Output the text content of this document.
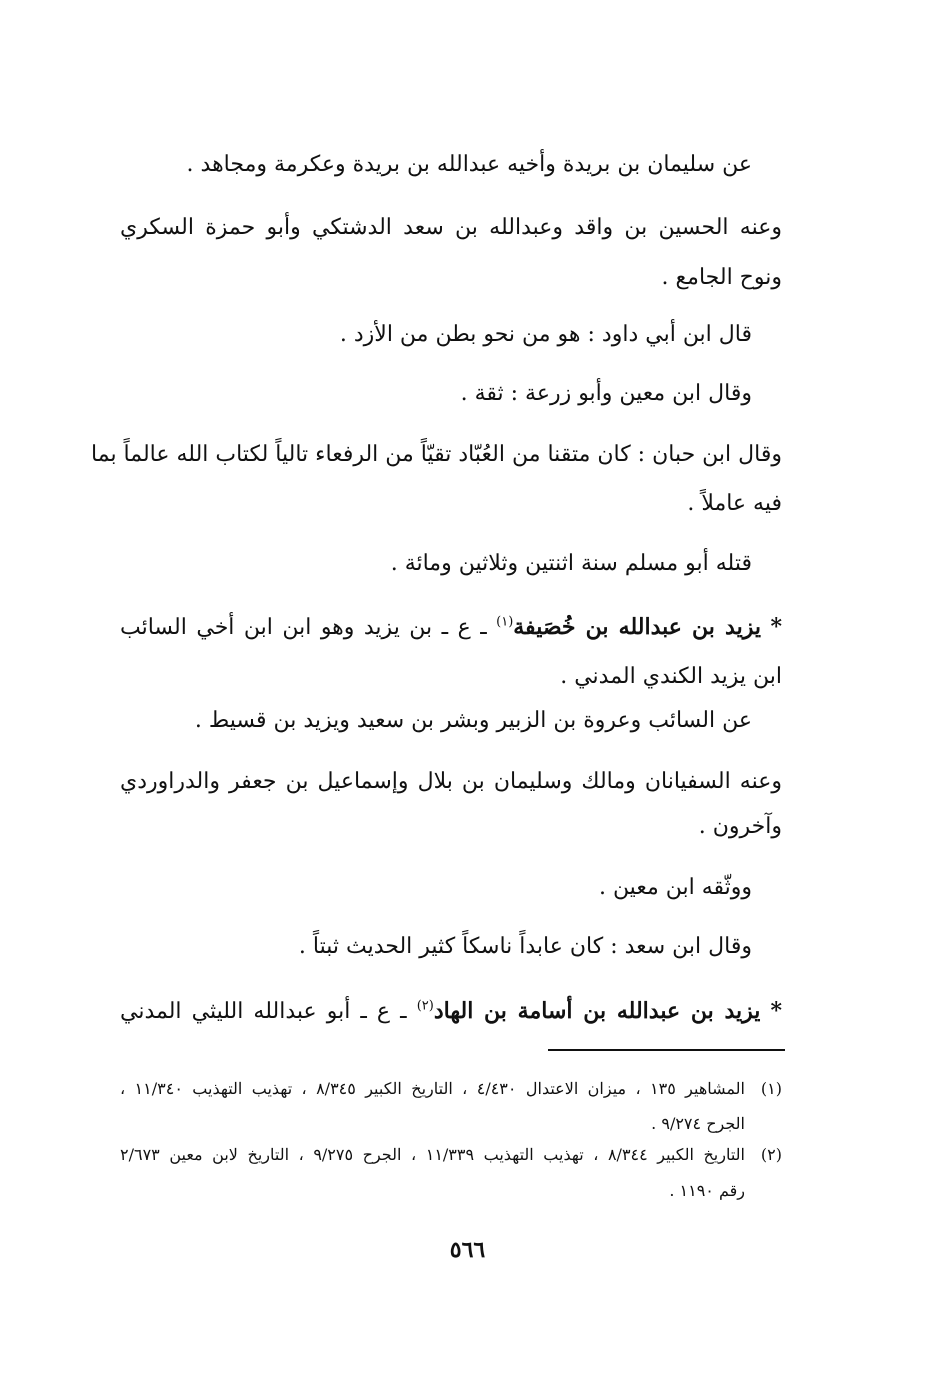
عن سليمان بن بريدة وأخيه عبدالله بن بريدة وعكرمة ومجاهد .
وعنه الحسين بن واقد وعبدالله بن سعد الدشتكي وأبو حمزة السكري
ونوح الجامع .
قال ابن أبي داود : هو من نحو بطن من الأزد .
وقال ابن معين وأبو زرعة : ثقة .
وقال ابن حبان : كان متقنا من العُبّاد تقيّاً من الرفعاء تالياً لكتاب الله عالماً بما
فيه عاملاً .
قتله أبو مسلم سنة اثنتين وثلاثين ومائة .
* يزيد بن عبدالله بن خُصَيفة$^{(١)}$ ـ ع ـ بن يزيد وهو ابن ابن أخي السائب
ابن يزيد الكندي المدني .
عن السائب وعروة بن الزبير وبشر بن سعيد ويزيد بن قسيط .
وعنه السفيانان ومالك وسليمان بن بلال وإسماعيل بن جعفر والدراوردي
وآخرون .
ووثّقه ابن معين .
وقال ابن سعد : كان عابداً ناسكاً كثير الحديث ثبتاً .
* يزيد بن عبدالله بن أسامة بن الهاد$^{(٢)}$ ـ ع ـ أبو عبدالله الليثي المدني
(١)
المشاهير ١٣٥ ، ميزان الاعتدال ٤/٤٣٠ ، التاريخ الكبير ٨/٣٤٥ ، تهذيب التهذيب ١١/٣٤٠ ،
الجرح ٩/٢٧٤ .
(٢)
التاريخ الكبير ٨/٣٤٤ ، تهذيب التهذيب ١١/٣٣٩ ، الجرح ٩/٢٧٥ ، التاريخ لابن معين ٢/٦٧٣
رقم ١١٩٠ .
٥٦٦
